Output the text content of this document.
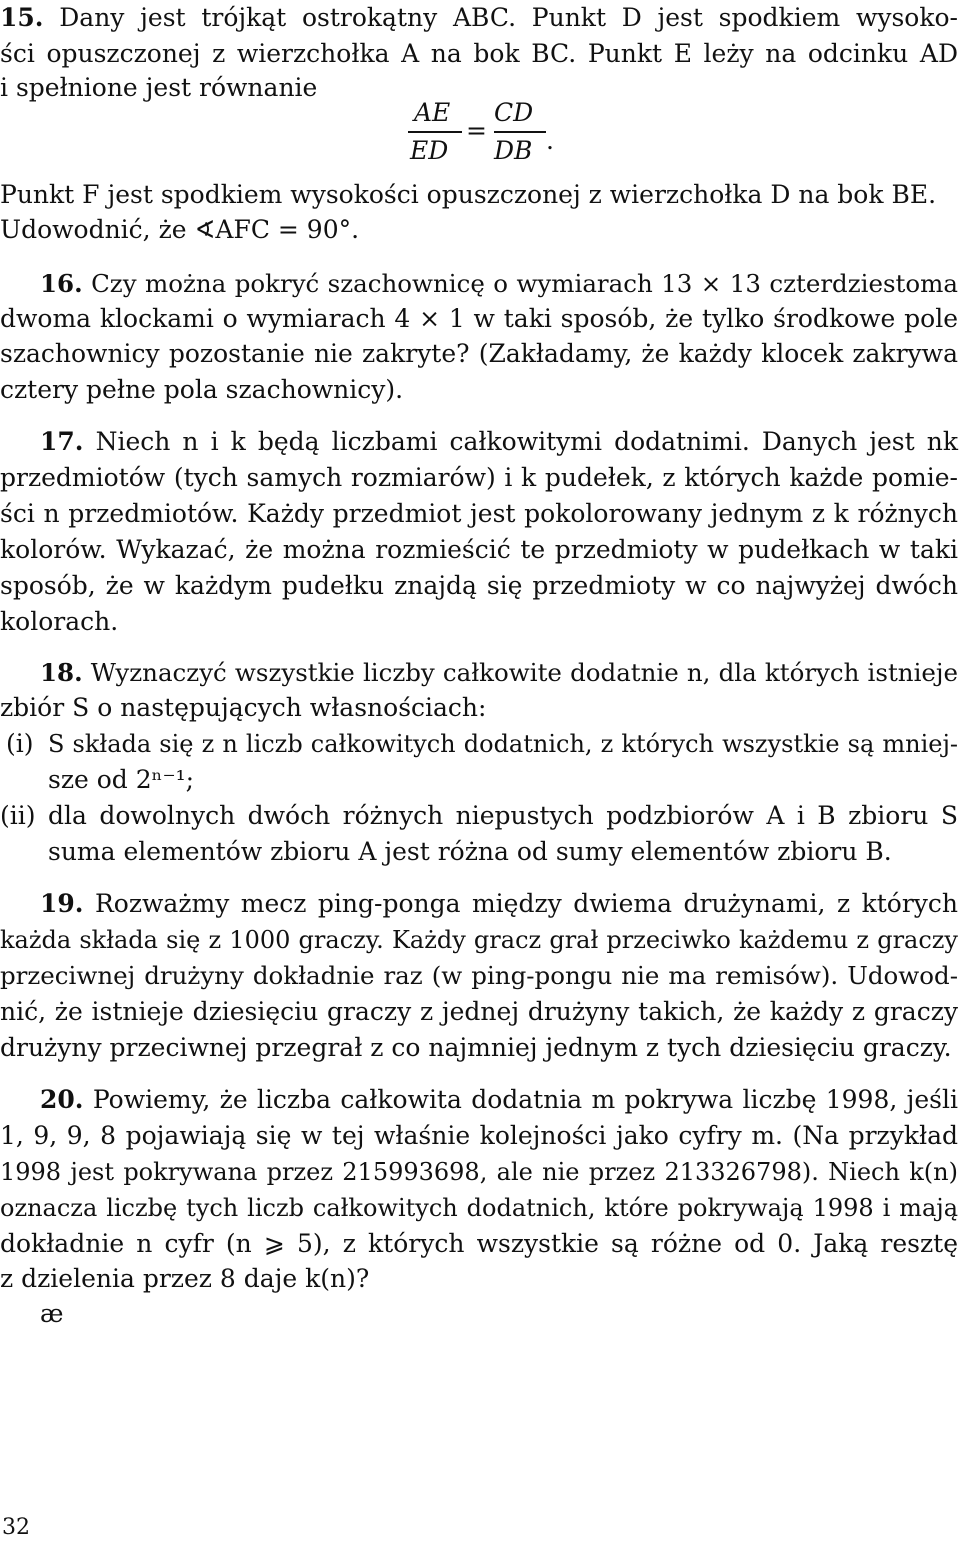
15. Dany jest trójkąt ostrokątny ABC. Punkt D jest spodkiem wysoko-
ści opuszczonej z wierzchołka A na bok BC. Punkt E leży na odcinku AD
i spełnione jest równanie
AE
ED
=
CD
DB .
Punkt F jest spodkiem wysokości opuszczonej z wierzchołka D na bok BE.
Udowodnić, że ∢AFC = 90°.
16. Czy można pokryć szachownicę o wymiarach 13 × 13 czterdziestoma
dwoma klockami o wymiarach 4 × 1 w taki sposób, że tylko środkowe pole
szachownicy pozostanie nie zakryte? (Zakładamy, że każdy klocek zakrywa
cztery pełne pola szachownicy).
17. Niech n i k będą liczbami całkowitymi dodatnimi. Danych jest nk
przedmiotów (tych samych rozmiarów) i k pudełek, z których każde pomie-
ści n przedmiotów. Każdy przedmiot jest pokolorowany jednym z k różnych
kolorów. Wykazać, że można rozmieścić te przedmioty w pudełkach w taki
sposób, że w każdym pudełku znajdą się przedmioty w co najwyżej dwóch
kolorach.
18. Wyznaczyć wszystkie liczby całkowite dodatnie n, dla których istnieje
zbiór S o następujących własnościach:
(i) S składa się z n liczb całkowitych dodatnich, z których wszystkie są mniej-
sze od 2ⁿ⁻¹;
(ii) dla dowolnych dwóch różnych niepustych podzbiorów A i B zbioru S
suma elementów zbioru A jest różna od sumy elementów zbioru B.
19. Rozważmy mecz ping-ponga między dwiema drużynami, z których
każda składa się z 1000 graczy. Każdy gracz grał przeciwko każdemu z graczy
przeciwnej drużyny dokładnie raz (w ping-pongu nie ma remisów). Udowod-
nić, że istnieje dziesięciu graczy z jednej drużyny takich, że każdy z graczy
drużyny przeciwnej przegrał z co najmniej jednym z tych dziesięciu graczy.
20. Powiemy, że liczba całkowita dodatnia m pokrywa liczbę 1998, jeśli
1, 9, 9, 8 pojawiają się w tej właśnie kolejności jako cyfry m. (Na przykład
1998 jest pokrywana przez 215993698, ale nie przez 213326798). Niech k(n)
oznacza liczbę tych liczb całkowitych dodatnich, które pokrywają 1998 i mają
dokładnie n cyfr (n ⩾ 5), z których wszystkie są różne od 0. Jaką resztę
z dzielenia przez 8 daje k(n)?
æ
32
